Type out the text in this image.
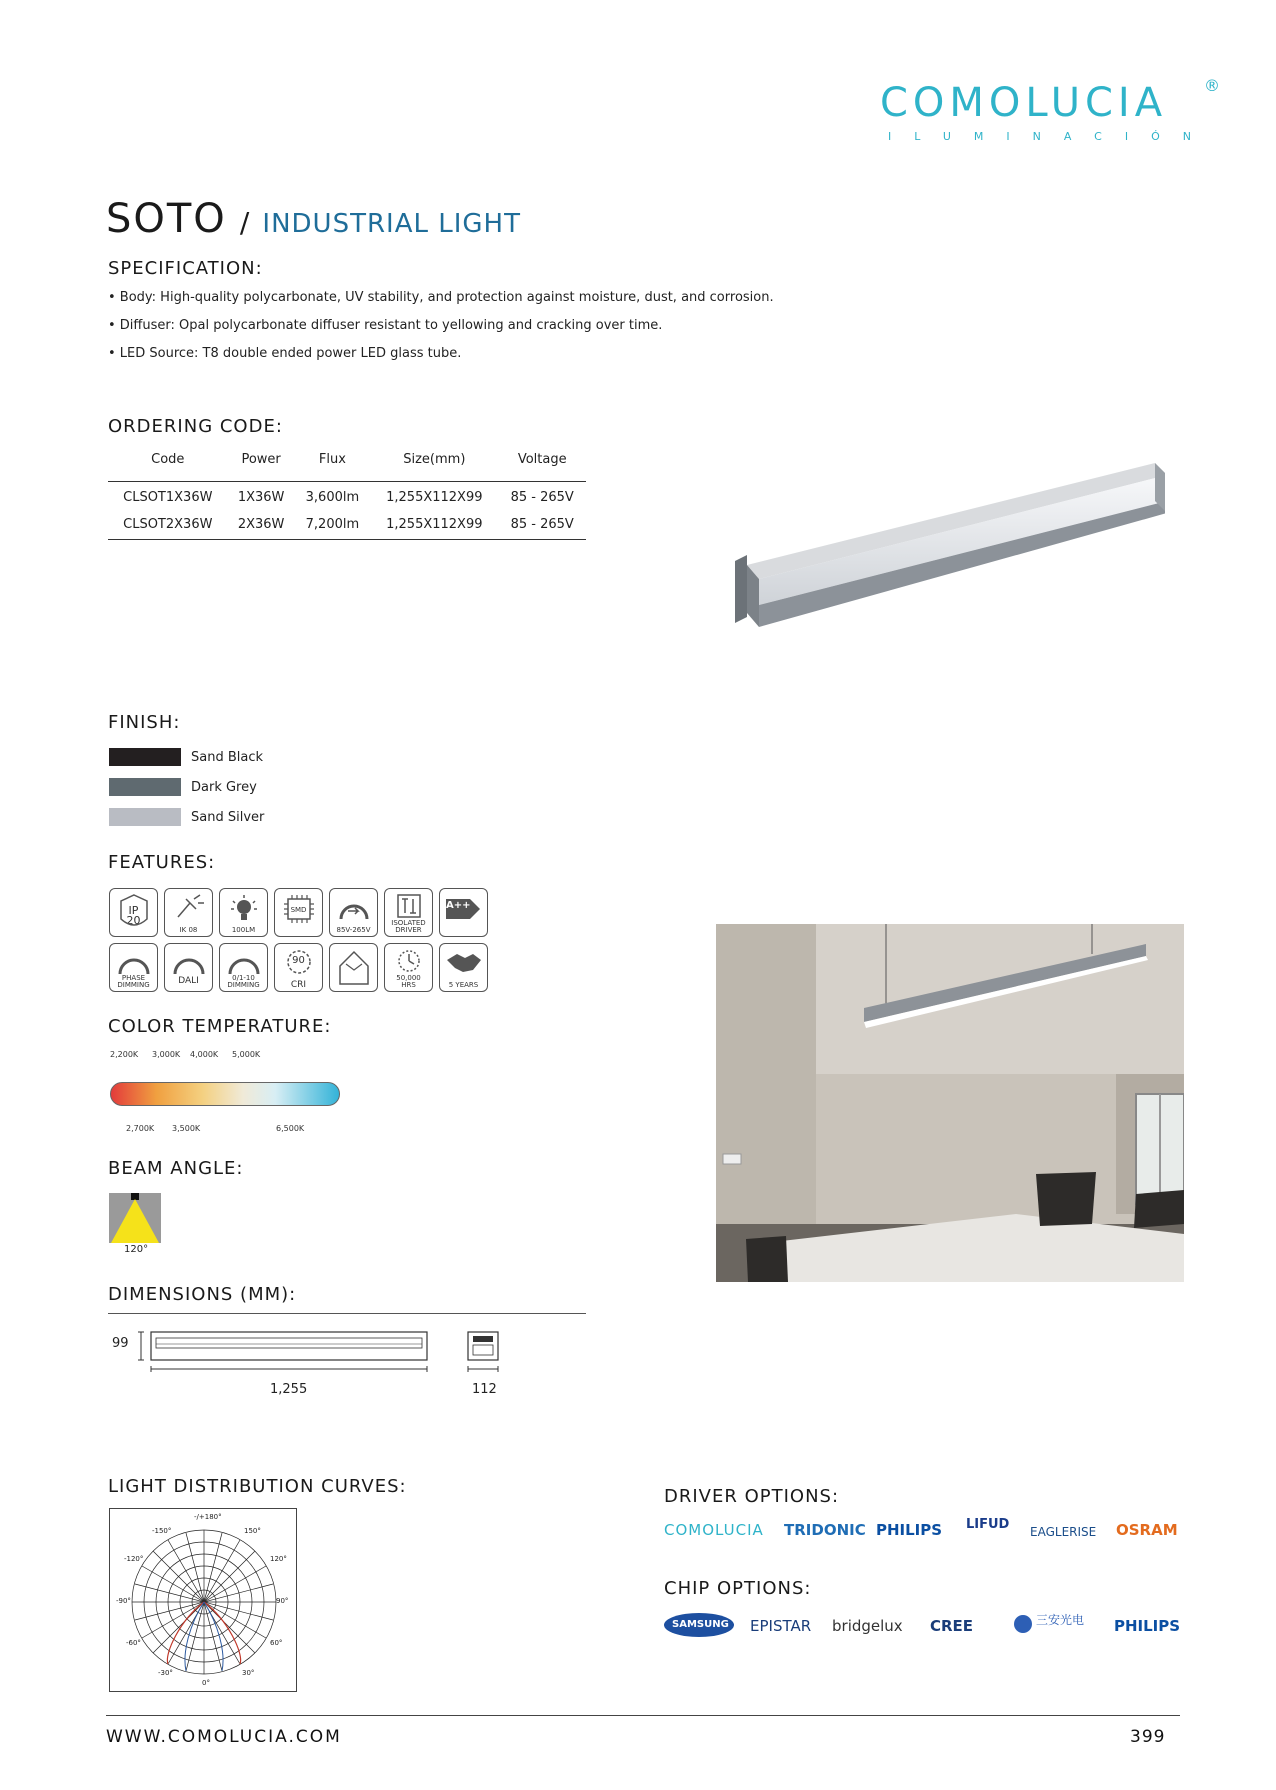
COMOLUCIA
ILUMINACIÓN
®
SOTO / INDUSTRIAL LIGHT
SPECIFICATION:
• Body: High-quality polycarbonate, UV stability, and protection against moisture, dust, and corrosion.
• Diffuser: Opal polycarbonate diffuser resistant to yellowing and cracking over time.
• LED Source: T8 double ended power LED glass tube.
ORDERING CODE:
Code	Power	Flux	Size(mm)	Voltage
CLSOT1X36W	1X36W	3,600lm	1,255X112X99	85 - 265V
CLSOT2X36W	2X36W	7,200lm	1,255X112X99	85 - 265V
FINISH:
Sand Black
Dark Grey
Sand Silver
FEATURES:
IP
20
IK 08	100LM
SMD
85V-265V
ISOLATED
DRIVER
A++
PHASE
DIMMING	DALI	0/1-10
DIMMING
90
CRI
50,000
HRS	5 YEARS
COLOR TEMPERATURE:
2,200K 3,000K 4,000K 5,000K
2,700K 3,500K	6,500K
BEAM ANGLE:
120°
DIMENSIONS (MM):
99
1,255	112
LIGHT DISTRIBUTION CURVES:
-/+180°
-150°	150°
-120°	120°
-90°	90°
-60°	60°
-30°	30°
0°
DRIVER OPTIONS:
COMOLUCIA TRIDONIC PHILIPS LIFUD EAGLERISE OSRAM
CHIP OPTIONS:
SAMSUNG EPISTAR bridgelux CREE	三安光电 PHILIPS
WWW.COMOLUCIA.COM	399
